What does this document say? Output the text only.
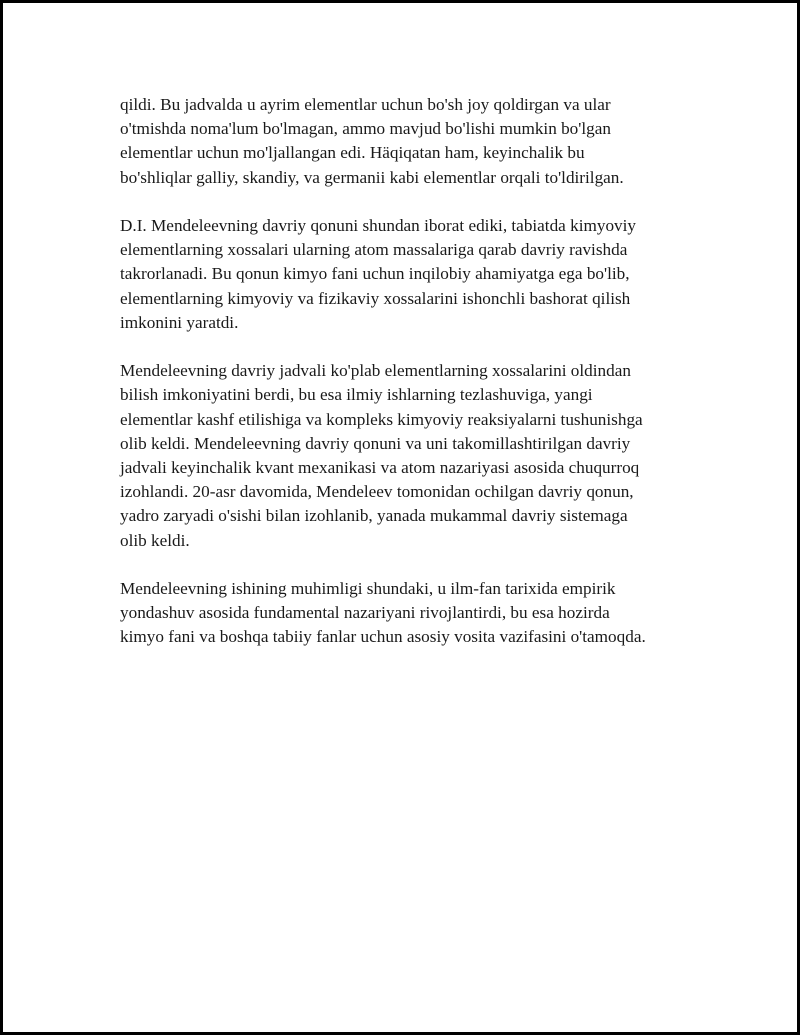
qildi. Bu jadvalda u ayrim elementlar uchun bo'sh joy qoldirgan va ular
o'tmishda noma'lum bo'lmagan, ammo mavjud bo'lishi mumkin bo'lgan
elementlar uchun mo'ljallangan edi. Häqiqatan ham, keyinchalik bu
bo'shliqlar galliy, skandiy, va germanii kabi elementlar orqali to'ldirilgan.

D.I. Mendeleevning davriy qonuni shundan iborat ediki, tabiatda kimyoviy
elementlarning xossalari ularning atom massalariga qarab davriy ravishda
takrorlanadi. Bu qonun kimyo fani uchun inqilobiy ahamiyatga ega bo'lib,
elementlarning kimyoviy va fizikaviy xossalarini ishonchli bashorat qilish
imkonini yaratdi.

Mendeleevning davriy jadvali ko'plab elementlarning xossalarini oldindan
bilish imkoniyatini berdi, bu esa ilmiy ishlarning tezlashuviga, yangi
elementlar kashf etilishiga va kompleks kimyoviy reaksiyalarni tushunishga
olib keldi. Mendeleevning davriy qonuni va uni takomillashtirilgan davriy
jadvali keyinchalik kvant mexanikasi va atom nazariyasi asosida chuqurroq
izohlandi. 20-asr davomida, Mendeleev tomonidan ochilgan davriy qonun,
yadro zaryadi o'sishi bilan izohlanib, yanada mukammal davriy sistemaga
olib keldi.

Mendeleevning ishining muhimligi shundaki, u ilm-fan tarixida empirik
yondashuv asosida fundamental nazariyani rivojlantirdi, bu esa hozirda
kimyo fani va boshqa tabiiy fanlar uchun asosiy vosita vazifasini o'tamoqda.
